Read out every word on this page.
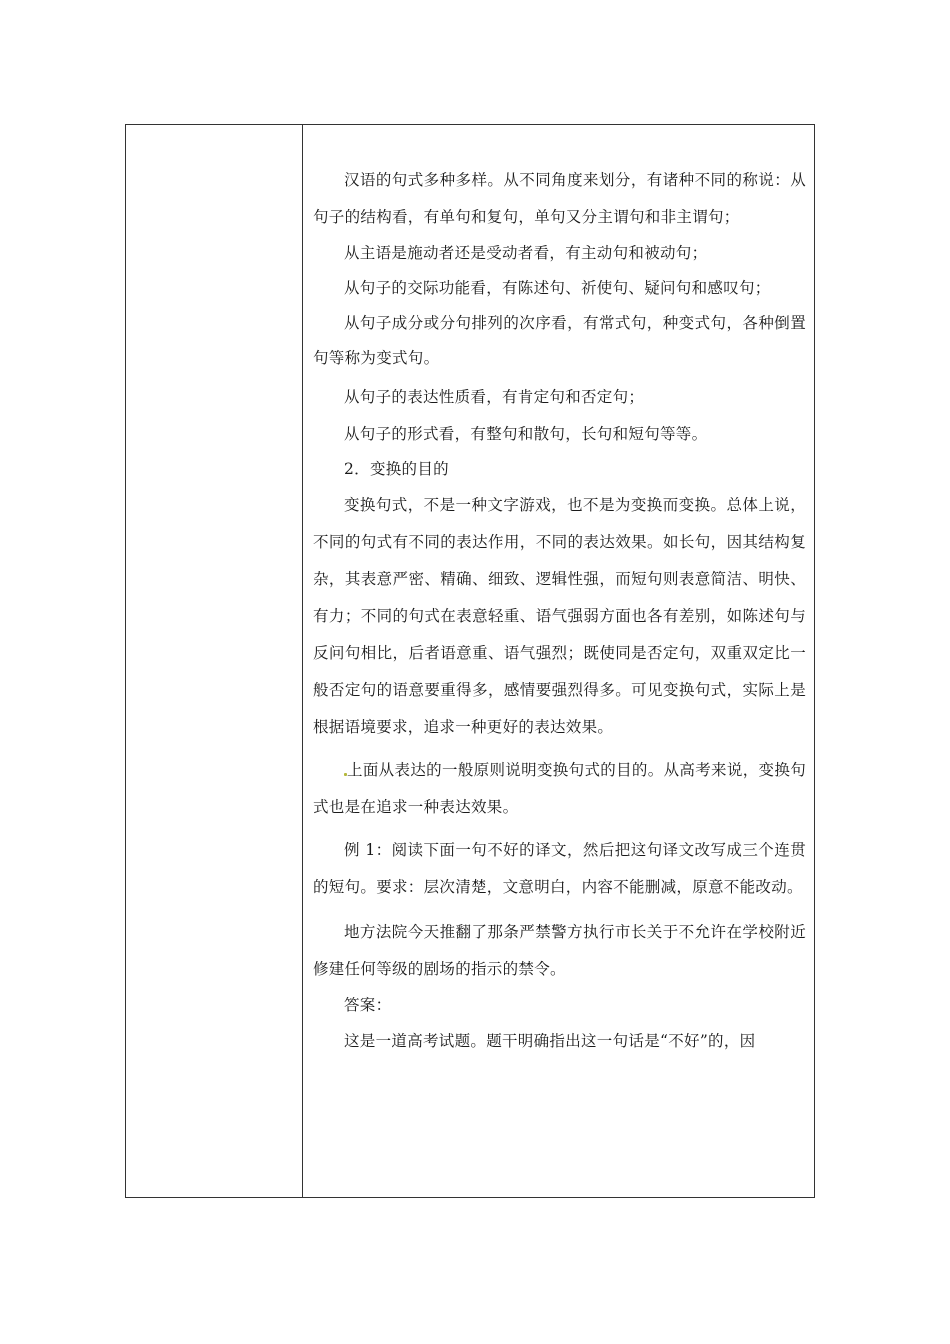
汉语的句式多种多样。从不同角度来划分，有诸种不同的称说：从句子的结构看，有单句和复句，单句又分主谓句和非主谓句；

从主语是施动者还是受动者看，有主动句和被动句；

从句子的交际功能看，有陈述句、祈使句、疑问句和感叹句；

从句子成分或分句排列的次序看，有常式句，种变式句，各种倒置句等称为变式句。

从句子的表达性质看，有肯定句和否定句；

从句子的形式看，有整句和散句，长句和短句等等。

2．变换的目的

变换句式，不是一种文字游戏，也不是为变换而变换。总体上说，不同的句式有不同的表达作用，不同的表达效果。如长句，因其结构复杂，其表意严密、精确、细致、逻辑性强，而短句则表意简洁、明快、有力；不同的句式在表意轻重、语气强弱方面也各有差别，如陈述句与反问句相比，后者语意重、语气强烈；既使同是否定句，双重双定比一般否定句的语意要重得多，感情要强烈得多。可见变换句式，实际上是根据语境要求，追求一种更好的表达效果。

上面从表达的一般原则说明变换句式的目的。从高考来说，变换句式也是在追求一种表达效果。

例 1：阅读下面一句不好的译文，然后把这句译文改写成三个连贯的短句。要求：层次清楚，文意明白，内容不能删减，原意不能改动。

地方法院今天推翻了那条严禁警方执行市长关于不允许在学校附近修建任何等级的剧场的指示的禁令。

答案：

这是一道高考试题。题干明确指出这一句话是“不好”的，因
